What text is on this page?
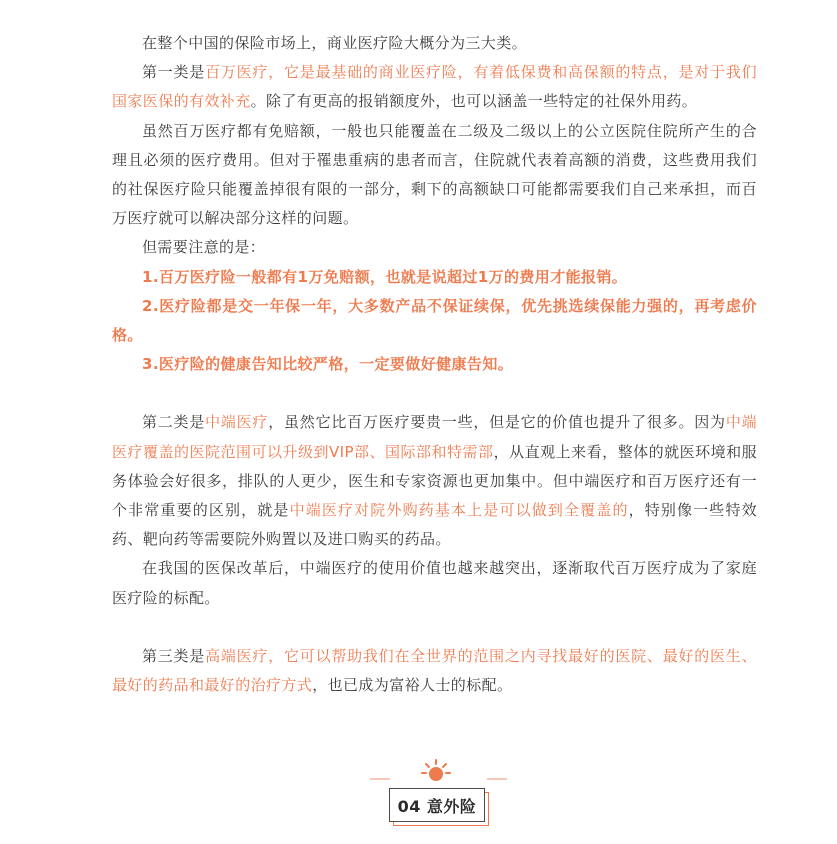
在整个中国的保险市场上，商业医疗险大概分为三大类。

第一类是百万医疗，它是最基础的商业医疗险，有着低保费和高保额的特点，是对于我们国家医保的有效补充。除了有更高的报销额度外，也可以涵盖一些特定的社保外用药。

虽然百万医疗都有免赔额，一般也只能覆盖在二级及二级以上的公立医院住院所产生的合理且必须的医疗费用。但对于罹患重病的患者而言，住院就代表着高额的消费，这些费用我们的社保医疗险只能覆盖掉很有限的一部分，剩下的高额缺口可能都需要我们自己来承担，而百万医疗就可以解决部分这样的问题。

但需要注意的是：

1.百万医疗险一般都有1万免赔额，也就是说超过1万的费用才能报销。

2.医疗险都是交一年保一年，大多数产品不保证续保，优先挑选续保能力强的，再考虑价格。

3.医疗险的健康告知比较严格，一定要做好健康告知。

第二类是中端医疗，虽然它比百万医疗要贵一些，但是它的价值也提升了很多。因为中端医疗覆盖的医院范围可以升级到VIP部、国际部和特需部，从直观上来看，整体的就医环境和服务体验会好很多，排队的人更少，医生和专家资源也更加集中。但中端医疗和百万医疗还有一个非常重要的区别，就是中端医疗对院外购药基本上是可以做到全覆盖的，特别像一些特效药、靶向药等需要院外购置以及进口购买的药品。

在我国的医保改革后，中端医疗的使用价值也越来越突出，逐渐取代百万医疗成为了家庭医疗险的标配。

第三类是高端医疗，它可以帮助我们在全世界的范围之内寻找最好的医院、最好的医生、最好的药品和最好的治疗方式，也已成为富裕人士的标配。

04 意外险
